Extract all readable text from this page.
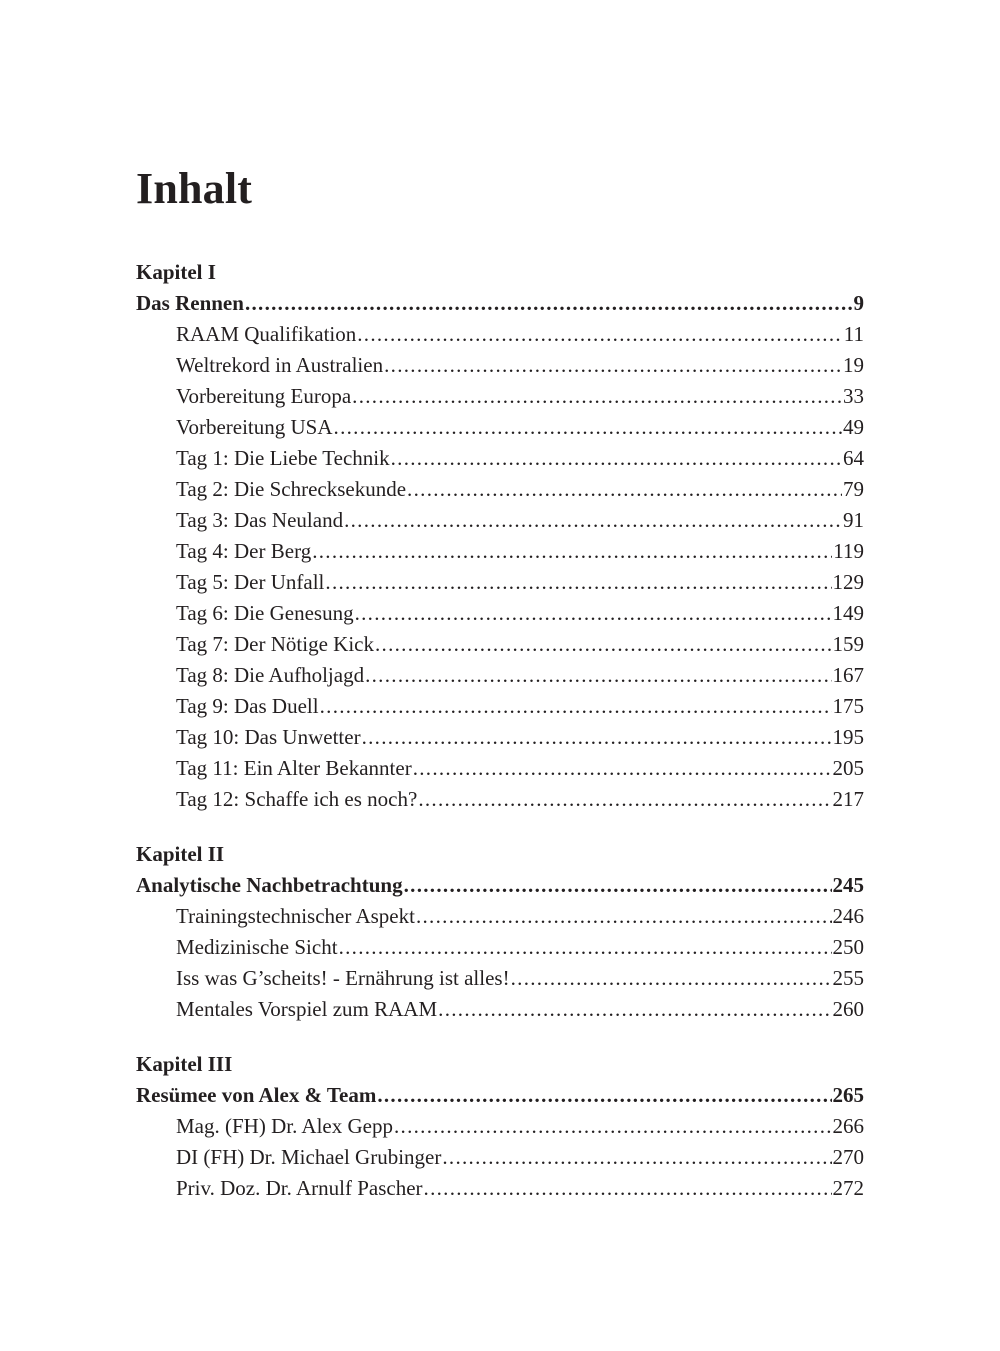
Inhalt
Kapitel I
Das Rennen .....	9
RAAM Qualifikation .....	11
Weltrekord in Australien .....	19
Vorbereitung Europa .....	33
Vorbereitung USA .....	49
Tag 1: Die Liebe Technik .....	64
Tag 2: Die Schrecksekunde .....	79
Tag 3: Das Neuland .....	91
Tag 4: Der Berg .....	119
Tag 5: Der Unfall .....	129
Tag 6: Die Genesung .....	149
Tag 7: Der Nötige Kick .....	159
Tag 8: Die Aufholjagd .....	167
Tag 9: Das Duell .....	175
Tag 10: Das Unwetter .....	195
Tag 11: Ein Alter Bekannter .....	205
Tag 12: Schaffe ich es noch? .....	217
Kapitel II
Analytische Nachbetrachtung .....	245
Trainingstechnischer Aspekt .....	246
Medizinische Sicht .....	250
Iss was G’scheits! - Ernährung ist alles! .....	255
Mentales Vorspiel zum RAAM .....	260
Kapitel III
Resümee von Alex & Team .....	265
Mag. (FH) Dr. Alex Gepp .....	266
DI (FH) Dr. Michael Grubinger .....	270
Priv. Doz. Dr. Arnulf Pascher .....	272
